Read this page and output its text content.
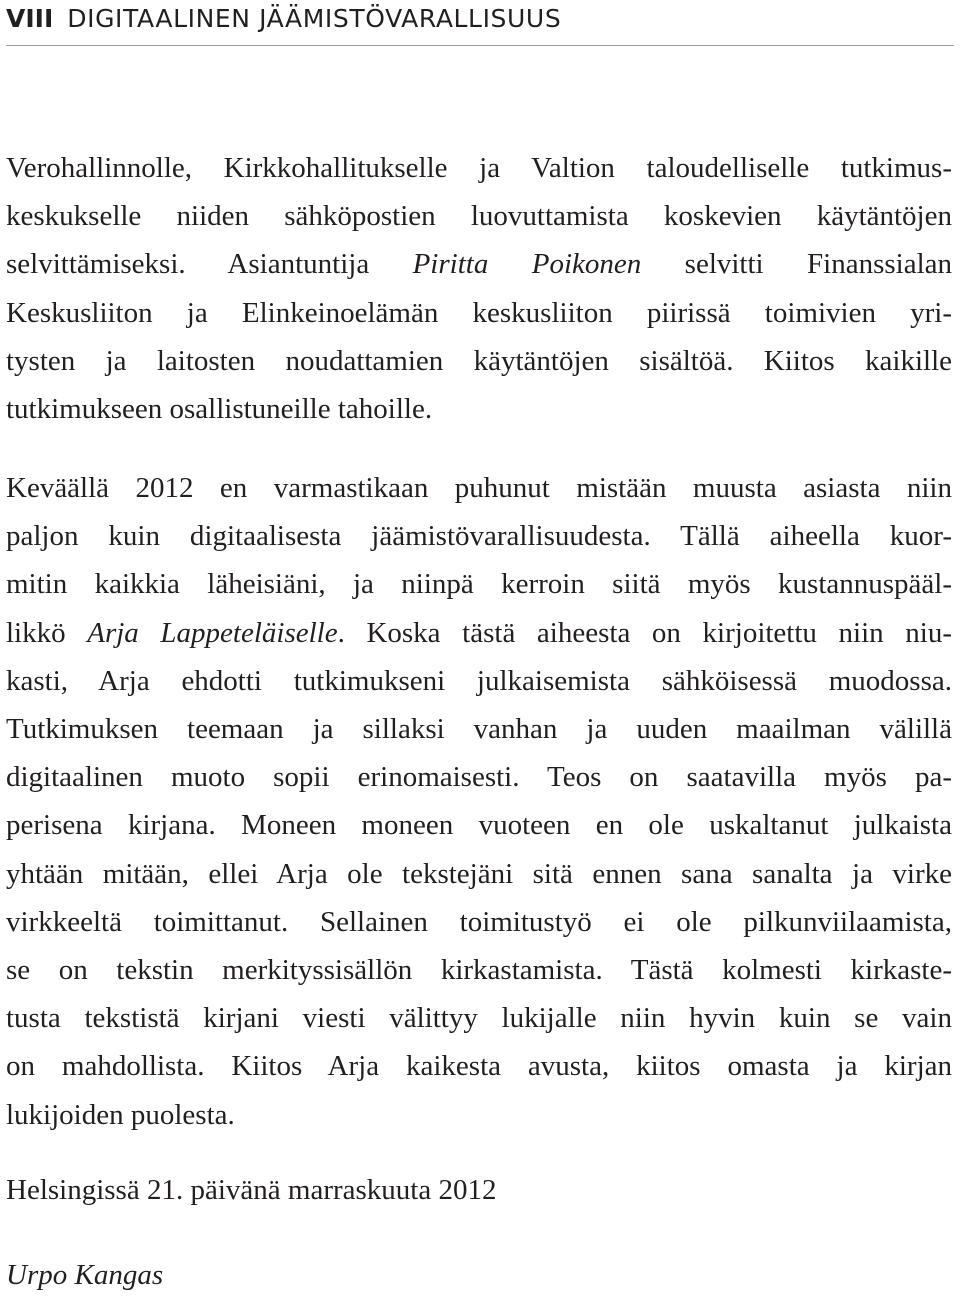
VIII DIGITAALINEN JÄÄMISTÖVARALLISUUS
Verohallinnolle, Kirkkohallitukselle ja Valtion taloudelliselle tutkimus-
keskukselle niiden sähköpostien luovuttamista koskevien käytäntöjen
selvittämiseksi. Asiantuntija Piritta Poikonen selvitti Finanssialan
Keskusliiton ja Elinkeinoelämän keskusliiton piirissä toimivien yri-
tysten ja laitosten noudattamien käytäntöjen sisältöä. Kiitos kaikille
tutkimukseen osallistuneille tahoille.
Keväällä 2012 en varmastikaan puhunut mistään muusta asiasta niin
paljon kuin digitaalisesta jäämistövarallisuudesta. Tällä aiheella kuor-
mitin kaikkia läheisiäni, ja niinpä kerroin siitä myös kustannuspääl-
likkö Arja Lappeteläiselle. Koska tästä aiheesta on kirjoitettu niin niu-
kasti, Arja ehdotti tutkimukseni julkaisemista sähköisessä muodossa.
Tutkimuksen teemaan ja sillaksi vanhan ja uuden maailman välillä
digitaalinen muoto sopii erinomaisesti. Teos on saatavilla myös pa-
perisena kirjana. Moneen moneen vuoteen en ole uskaltanut julkaista
yhtään mitään, ellei Arja ole tekstejäni sitä ennen sana sanalta ja virke
virkkeeltä toimittanut. Sellainen toimitustyö ei ole pilkunviilaamista,
se on tekstin merkityssisällön kirkastamista. Tästä kolmesti kirkaste-
tusta tekstistä kirjani viesti välittyy lukijalle niin hyvin kuin se vain
on mahdollista. Kiitos Arja kaikesta avusta, kiitos omasta ja kirjan
lukijoiden puolesta.
Helsingissä 21. päivänä marraskuuta 2012
Urpo Kangas
